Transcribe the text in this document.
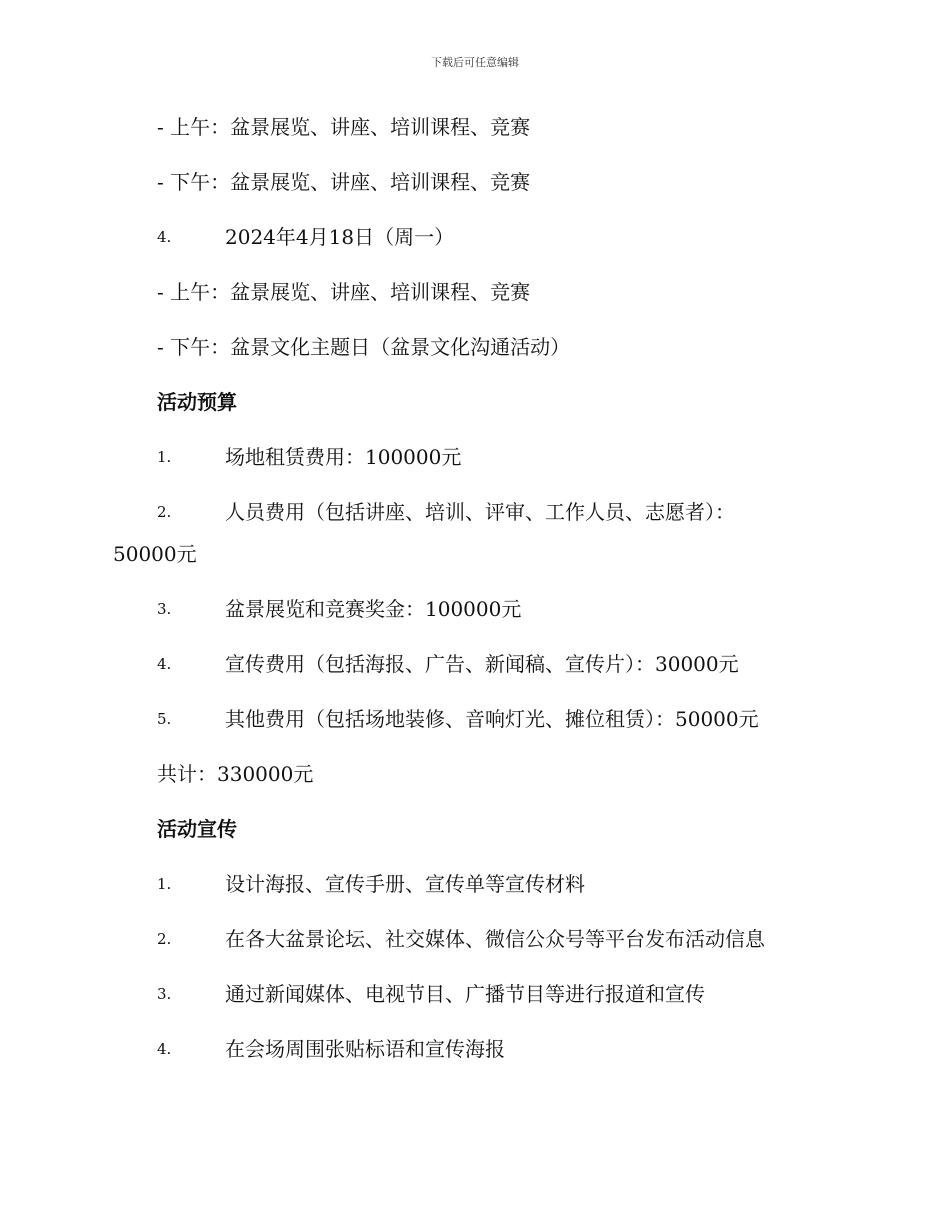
下载后可任意编辑
- 上午：盆景展览、讲座、培训课程、竞赛
- 下午：盆景展览、讲座、培训课程、竞赛
4.	2024年4月18日（周一）
- 上午：盆景展览、讲座、培训课程、竞赛
- 下午：盆景文化主题日（盆景文化沟通活动）
活动预算
1.	场地租赁费用：100000元
2.	人员费用（包括讲座、培训、评审、工作人员、志愿者）：
50000元
3.	盆景展览和竞赛奖金：100000元
4.	宣传费用（包括海报、广告、新闻稿、宣传片）：30000元
5.	其他费用（包括场地装修、音响灯光、摊位租赁）：50000元
共计：330000元
活动宣传
1.	设计海报、宣传手册、宣传单等宣传材料
2.	在各大盆景论坛、社交媒体、微信公众号等平台发布活动信息
3.	通过新闻媒体、电视节目、广播节目等进行报道和宣传
4.	在会场周围张贴标语和宣传海报
